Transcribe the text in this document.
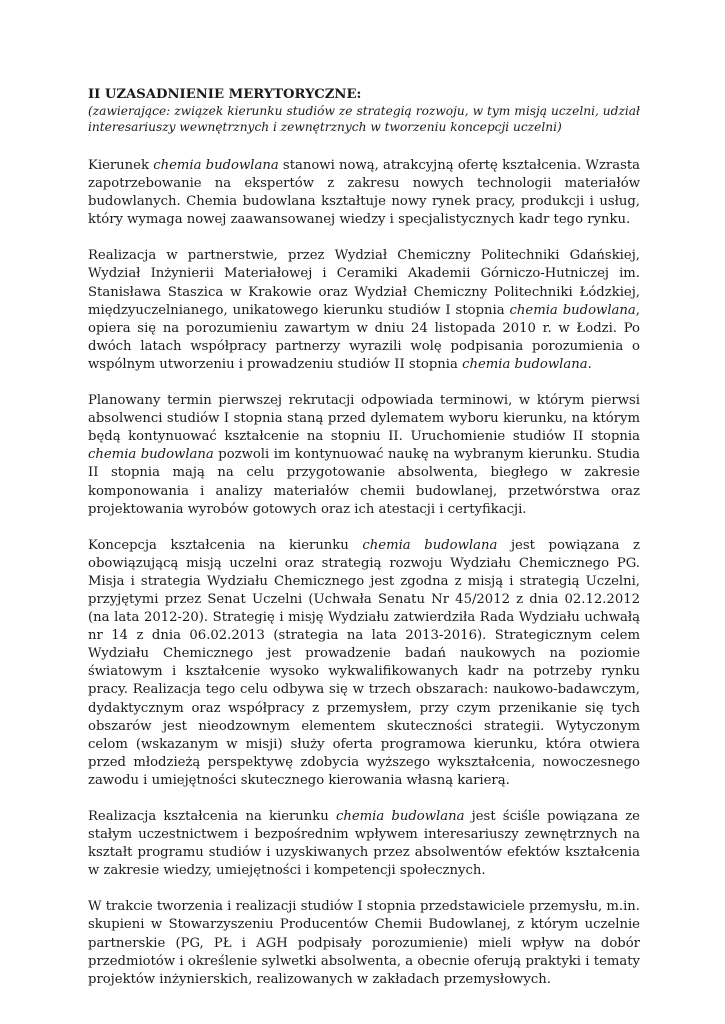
II UZASADNIENIE MERYTORYCZNE:

(zawierające: związek kierunku studiów ze strategią rozwoju, w tym misją uczelni, udział interesariuszy wewnętrznych i zewnętrznych w tworzeniu koncepcji uczelni)

Kierunek chemia budowlana stanowi nową, atrakcyjną ofertę kształcenia. Wzrasta zapotrzebowanie na ekspertów z zakresu nowych technologii materiałów budowlanych. Chemia budowlana kształtuje nowy rynek pracy, produkcji i usług, który wymaga nowej zaawansowanej wiedzy i specjalistycznych kadr tego rynku.

Realizacja w partnerstwie, przez Wydział Chemiczny Politechniki Gdańskiej, Wydział Inżynierii Materiałowej i Ceramiki Akademii Górniczo-Hutniczej im. Stanisława Staszica w Krakowie oraz Wydział Chemiczny Politechniki Łódzkiej, międzyuczelnianego, unikatowego kierunku studiów I stopnia chemia budowlana, opiera się na porozumieniu zawartym w dniu 24 listopada 2010 r. w Łodzi. Po dwóch latach współpracy partnerzy wyrazili wolę podpisania porozumienia o wspólnym utworzeniu i prowadzeniu studiów II stopnia chemia budowlana.

Planowany termin pierwszej rekrutacji odpowiada terminowi, w którym pierwsi absolwenci studiów I stopnia staną przed dylematem wyboru kierunku, na którym będą kontynuować kształcenie na stopniu II. Uruchomienie studiów II stopnia chemia budowlana pozwoli im kontynuować naukę na wybranym kierunku. Studia II stopnia mają na celu przygotowanie absolwenta, biegłego w zakresie komponowania i analizy materiałów chemii budowlanej, przetwórstwa oraz projektowania wyrobów gotowych oraz ich atestacji i certyfikacji.

Koncepcja kształcenia na kierunku chemia budowlana jest powiązana z obowiązującą misją uczelni oraz strategią rozwoju Wydziału Chemicznego PG. Misja i strategia Wydziału Chemicznego jest zgodna z misją i strategią Uczelni, przyjętymi przez Senat Uczelni (Uchwała Senatu Nr 45/2012 z dnia 02.12.2012 (na lata 2012-20). Strategię i misję Wydziału zatwierdziła Rada Wydziału uchwałą nr 14 z dnia 06.02.2013 (strategia na lata 2013-2016). Strategicznym celem Wydziału Chemicznego jest prowadzenie badań naukowych na poziomie światowym i kształcenie wysoko wykwalifikowanych kadr na potrzeby rynku pracy. Realizacja tego celu odbywa się w trzech obszarach: naukowo-badawczym, dydaktycznym oraz współpracy z przemysłem, przy czym przenikanie się tych obszarów jest nieodzownym elementem skuteczności strategii. Wytyczonym celom (wskazanym w misji) służy oferta programowa kierunku, która otwiera przed młodzieżą perspektywę zdobycia wyższego wykształcenia, nowoczesnego zawodu i umiejętności skutecznego kierowania własną karierą.

Realizacja kształcenia na kierunku chemia budowlana jest ściśle powiązana ze stałym uczestnictwem i bezpośrednim wpływem interesariuszy zewnętrznych na kształt programu studiów i uzyskiwanych przez absolwentów efektów kształcenia w zakresie wiedzy, umiejętności i kompetencji społecznych.

W trakcie tworzenia i realizacji studiów I stopnia przedstawiciele przemysłu, m.in. skupieni w Stowarzyszeniu Producentów Chemii Budowlanej, z którym uczelnie partnerskie (PG, PŁ i AGH podpisały porozumienie) mieli wpływ na dobór przedmiotów i określenie sylwetki absolwenta, a obecnie oferują praktyki i tematy projektów inżynierskich, realizowanych w zakładach przemysłowych.
